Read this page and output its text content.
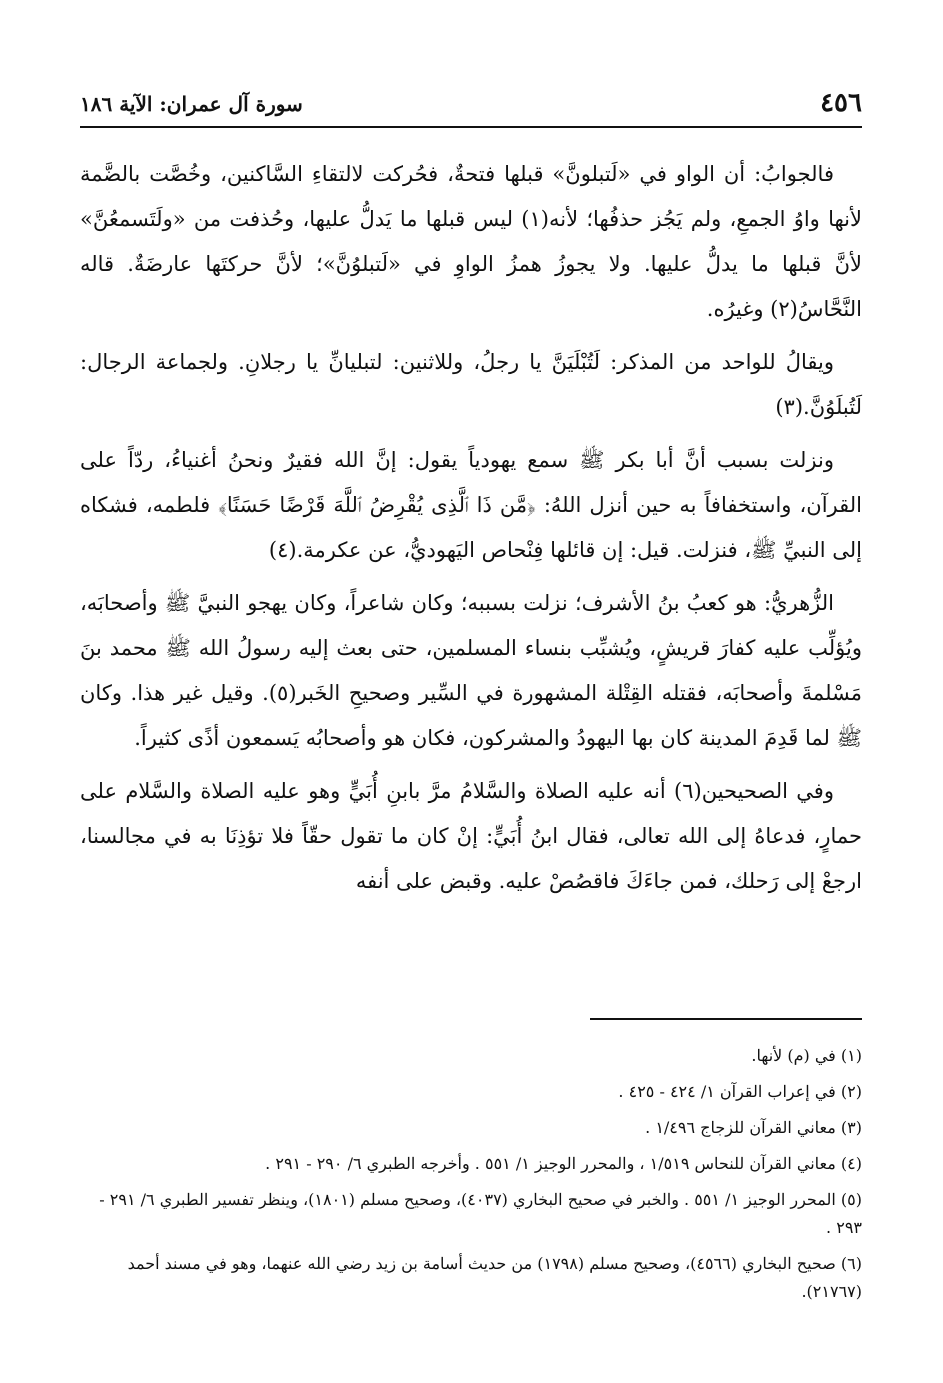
٤٥٦
سورة آل عمران: الآية ١٨٦

فالجوابُ: أن الواو في «لَتبلونَّ» قبلها فتحةٌ، فحُركت لالتقاءِ السَّاكنين، وخُصَّت بالضَّمة لأنها واوُ الجمعِ، ولم يَجُز حذفُها؛ لأنه(١) ليس قبلها ما يَدلُّ عليها، وحُذفت من «ولَتَسمعُنَّ» لأنَّ قبلها ما يدلُّ عليها. ولا يجوزُ همزُ الواوِ في «لَتبلوُنَّ»؛ لأنَّ حركتَها عارضَةٌ. قاله النَّحَّاسُ(٢) وغيرُه.

ويقالُ للواحد من المذكر: لَتُبْلَيَنَّ يا رجلُ، وللاثنين: لتبليانِّ يا رجلانِ. ولجماعة الرجال: لَتُبلَوُنَّ.(٣)

ونزلت بسبب أنَّ أبا بكر ﷺ سمع يهودياً يقول: إنَّ الله فقيرٌ ونحنُ أغنياءُ، ردّاً على القرآن، واستخفافاً به حين أنزل اللهُ: ﴿مَّن ذَا ٱلَّذِى يُقْرِضُ ٱللَّهَ قَرْضًا حَسَنًا﴾ فلطمه، فشكاه إلى النبيِّ ﷺ، فنزلت. قيل: إن قائلها فِنْحاص اليَهوديُّ، عن عكرمة.(٤)

الزُّهريُّ: هو كعبُ بنُ الأشرف؛ نزلت بسببه؛ وكان شاعراً، وكان يهجو النبيَّ ﷺ وأصحابَه، ويُؤلِّب عليه كفارَ قريشٍ، ويُشبِّب بنساء المسلمين، حتى بعث إليه رسولُ الله ﷺ محمد بنَ مَسْلمةَ وأصحابَه، فقتله القِتْلة المشهورة في السِّير وصحيحِ الخَبر(٥). وقيل غير هذا. وكان ﷺ لما قَدِمَ المدينة كان بها اليهودُ والمشركون، فكان هو وأصحابُه يَسمعون أذًى كثيراً.

وفي الصحيحين(٦) أنه عليه الصلاة والسَّلامُ مرَّ بابنِ أُبَيٍّ وهو عليه الصلاة والسَّلام على حمارٍ، فدعاهُ إلى الله تعالى، فقال ابنُ أُبَيٍّ: إنْ كان ما تقول حقّاً فلا تؤذِنَا به في مجالسنا، ارجعْ إلى رَحلك، فمن جاءَكَ فاقصُصْ عليه. وقبض على أنفه

(١) في (م) لأنها.
(٢) في إعراب القرآن ١/ ٤٢٤ - ٤٢٥ .
(٣) معاني القرآن للزجاج ١/٤٩٦ .
(٤) معاني القرآن للنحاس ١/٥١٩ ، والمحرر الوجيز ١/ ٥٥١ . وأخرجه الطبري ٦/ ٢٩٠ - ٢٩١ .
(٥) المحرر الوجيز ١/ ٥٥١ . والخبر في صحيح البخاري (٤٠٣٧)، وصحيح مسلم (١٨٠١)، وينظر تفسير الطبري ٦/ ٢٩١ - ٢٩٣ .
(٦) صحيح البخاري (٤٥٦٦)، وصحيح مسلم (١٧٩٨) من حديث أسامة بن زيد رضي الله عنهما، وهو في مسند أحمد (٢١٧٦٧).
